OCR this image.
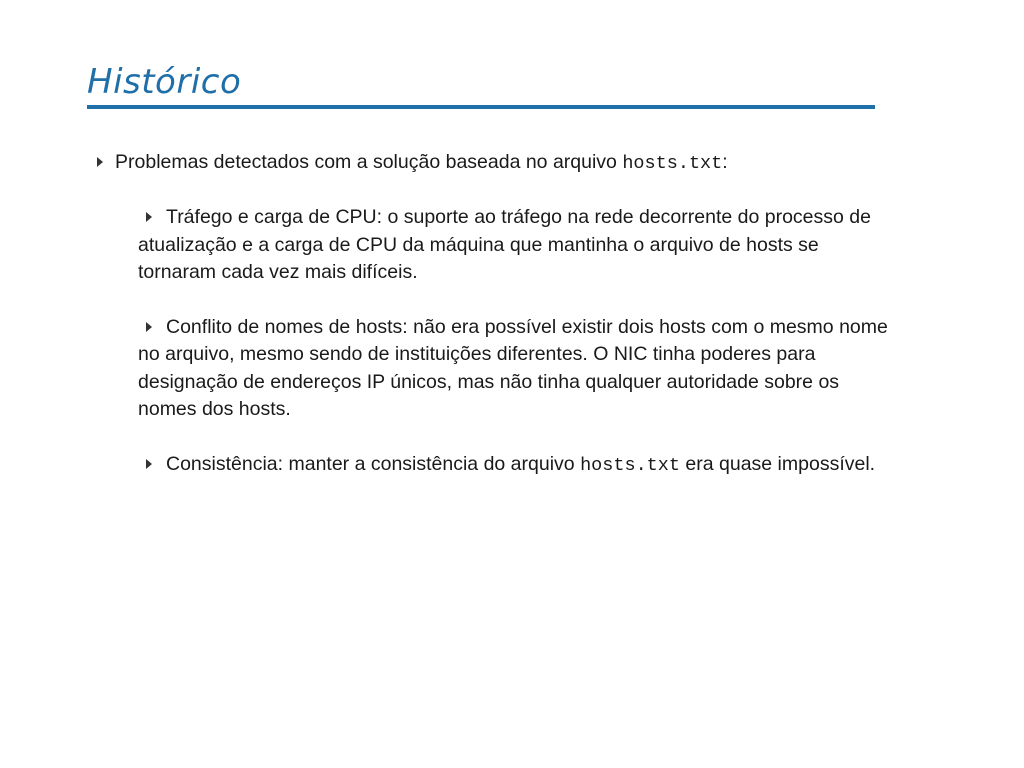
Histórico
Problemas detectados com a solução baseada no arquivo hosts.txt:
Tráfego e carga de CPU: o suporte ao tráfego na rede decorrente do processo de atualização e a carga de CPU da máquina que mantinha o arquivo de hosts se tornaram cada vez mais difíceis.
Conflito de nomes de hosts: não era possível existir dois hosts com o mesmo nome no arquivo, mesmo sendo de instituições diferentes. O NIC tinha poderes para designação de endereços IP únicos, mas não tinha qualquer autoridade sobre os nomes dos hosts.
Consistência: manter a consistência do arquivo hosts.txt era quase impossível.
